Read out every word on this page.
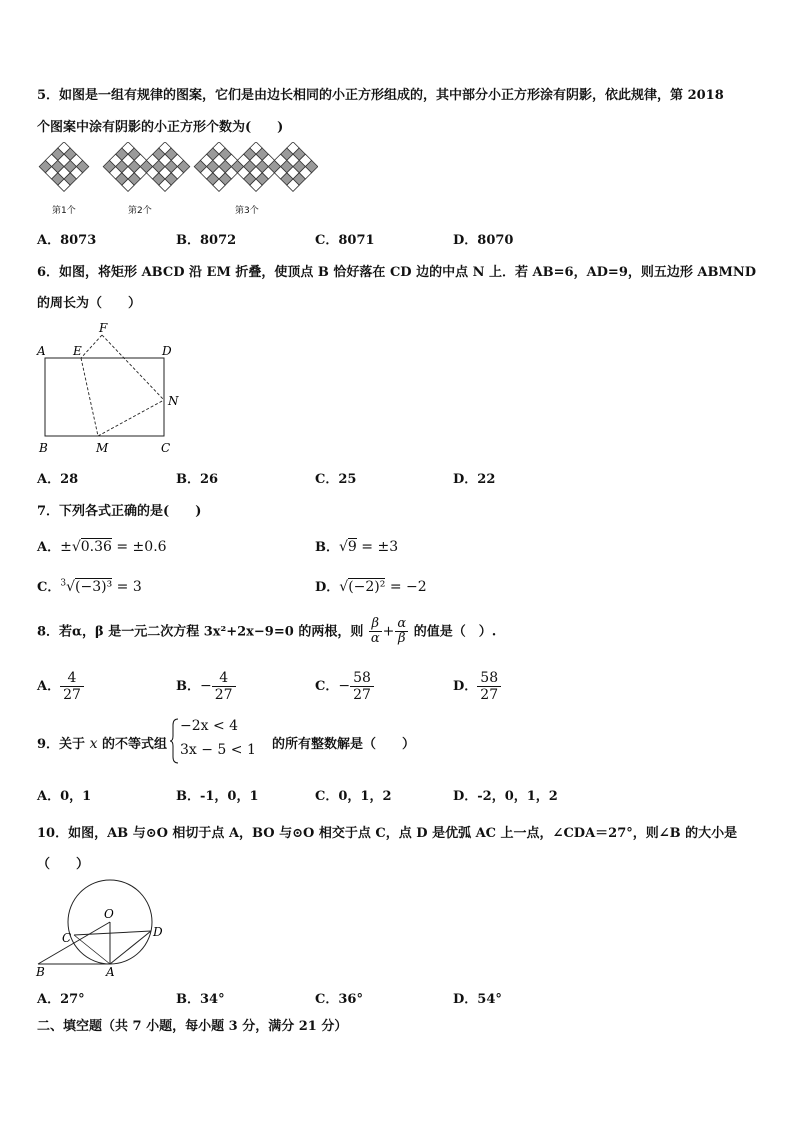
5．如图是一组有规律的图案，它们是由边长相同的小正方形组成的，其中部分小正方形涂有阴影，依此规律，第 2018
个图案中涂有阴影的小正方形个数为(　　)
第1个	第2个	第3个
A．8073	B．8072	C．8071	D．8070
6．如图，将矩形 ABCD 沿 EM 折叠，使顶点 B 恰好落在 CD 边的中点 N 上．若 AB=6，AD=9，则五边形 ABMND
的周长为（　　）
A E
F
D
N
B	M	C
A．28	B．26	C．25	D．22
7．下列各式正确的是(　　)
A．±√0.36 = ±0.6	B．√9 = ±3
C．$^3$√(−3)³ = 3	D．√(−2)² = −2
8．若α，β 是一元二次方程 3x²+2x−9=0 的两根，则 $\frac{\beta}{\alpha} + \frac{\alpha}{\beta}$ 的值是（　）.
A． $\frac{4}{27}$	B．− $\frac{4}{27}$	C．− $\frac{58}{27}$	D． $\frac{58}{27}$
9．关于 x 的不等式组
−2x < 4
3x − 5 < 1 的所有整数解是（　　）
A．0，1	B．-1，0，1	C．0，1，2	D．-2，0，1，2
10．如图，AB 与⊙O 相切于点 A，BO 与⊙O 相交于点 C，点 D 是优弧 AC 上一点，∠CDA＝27°，则∠B 的大小是
（　　）
O
C	D
B	A
A．27°	B．34°	C．36°	D．54°
二、填空题（共 7 小题，每小题 3 分，满分 21 分）
